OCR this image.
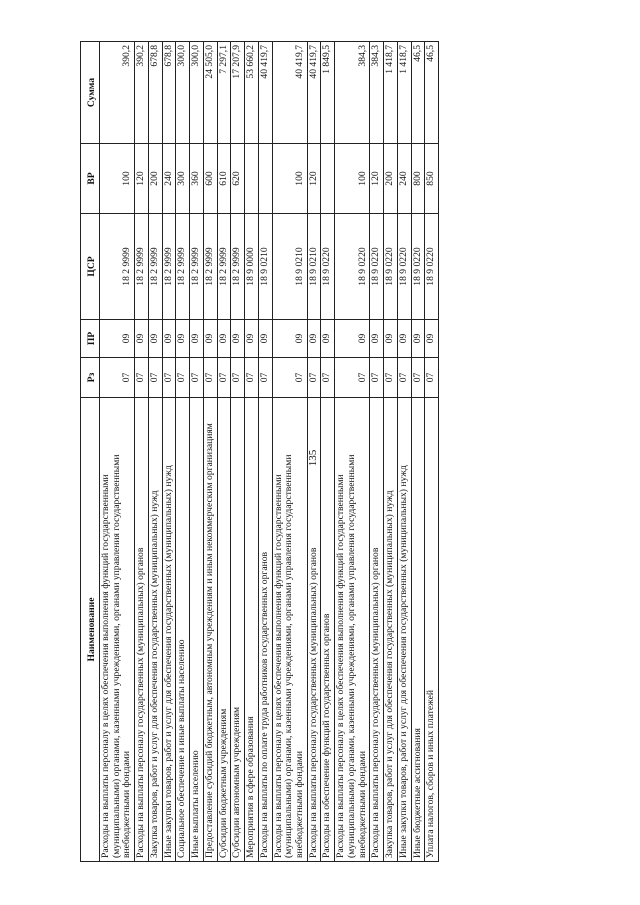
135
Наименование	Рз	ПР	ЦСР	ВР	Сумма
Расходы на выплаты персоналу в целях обеспечения выполнения функций государственными (муниципальными) органами, казенными учреждениями, органами управления государственными внебюджетными фондами	07	09	18 2 9999	100	390,2
Расходы на выплаты персоналу государственных (муниципальных) органов	07	09	18 2 9999	120	390,2
Закупка товаров, работ и услуг для обеспечения государственных (муниципальных) нужд	07	09	18 2 9999	200	678,8
Иные закупки товаров, работ и услуг для обеспечения государственных (муниципальных) нужд	07	09	18 2 9999	240	678,8
Социальное обеспечение и иные выплаты населению	07	09	18 2 9999	300	300,0
Иные выплаты населению	07	09	18 2 9999	360	300,0
Предоставление субсидий бюджетным, автономным учреждениям и иным некоммерческим организациям	07	09	18 2 9999	600	24 505,0
Субсидии бюджетным учреждениям	07	09	18 2 9999	610	7 297,1
Субсидии автономным учреждениям	07	09	18 2 9999	620	17 207,9
Мероприятия в сфере образования	07	09	18 9 0000		53 660,2
Расходы на выплаты по оплате труда работников государственных органов	07	09	18 9 0210		40 419,7
Расходы на выплаты персоналу в целях обеспечения выполнения функций государственными (муниципальными) органами, казенными учреждениями, органами управления государственными внебюджетными фондами	07	09	18 9 0210	100	40 419,7
Расходы на выплаты персоналу государственных (муниципальных) органов	07	09	18 9 0210	120	40 419,7
Расходы на обеспечение функций государственных органов	07	09	18 9 0220		1 849,5
Расходы на выплаты персоналу в целях обеспечения выполнения функций государственными (муниципальными) органами, казенными учреждениями, органами управления государственными внебюджетными фондами	07	09	18 9 0220	100	384,3
Расходы на выплаты персоналу государственных (муниципальных) органов	07	09	18 9 0220	120	384,3
Закупка товаров, работ и услуг для обеспечения государственных (муниципальных) нужд	07	09	18 9 0220	200	1 418,7
Иные закупки товаров, работ и услуг для обеспечения государственных (муниципальных) нужд	07	09	18 9 0220	240	1 418,7
Иные бюджетные ассигнования	07	09	18 9 0220	800	46,5
Уплата налогов, сборов и иных платежей	07	09	18 9 0220	850	46,5
